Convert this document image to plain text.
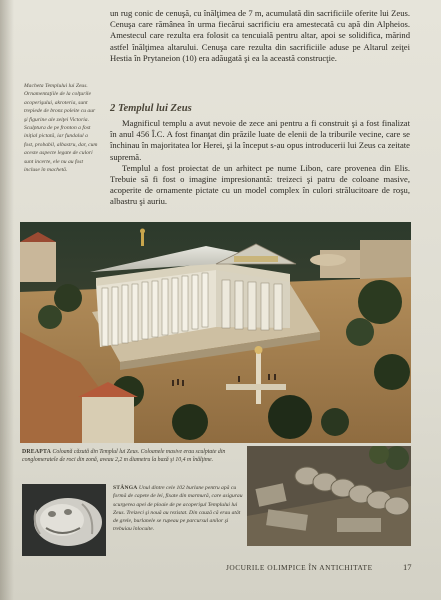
un rug conic de cenuşă, cu înălţimea de 7 m, acumulată din sacrificiile oferite lui Zeus. Cenuşa care rămânea în urma fiecărui sacrificiu era amestecată cu apă din Alpheios. Amestecul care rezulta era folosit ca tencuială pentru altar, apoi se solidifica, mărind astfel înălţimea altarului. Cenuşa care rezulta din sacrificiile aduse pe Altarul zeiţei Hestia în Prytaneion (10) era adăugată şi ea la această construcţie.

Macheta Templului lui Zeus. Ornamentaţiile de la colţurile acoperişului, akroteria, sunt trepiede de bronz poleite cu aur şi figurine ale zeiţei Victoria. Sculptura de pe fronton a fost inițial pictată, iar fundalul a fost, probabil, albastru, dar, cum aceste aspecte legate de culori sunt incerte, ele nu au fost incluse în machetă.

2 Templul lui Zeus

Magnificul templu a avut nevoie de zece ani pentru a fi construit şi a fost finalizat în anul 456 Î.C. A fost finanţat din prăzile luate de elenii de la triburile vecine, care se închinau în majoritatea lor Herei, şi la început s-au opus introducerii lui Zeus ca zeitate supremă.

Templul a fost proiectat de un arhitect pe nume Libon, care provenea din Elis. Trebuie să fi fost o imagine impresionantă: treizeci şi patru de coloane masive, acoperite de ornamente pictate cu un model complex în culori strălucitoare de roşu, albastru şi auriu.

DREAPTA Coloană căzută din Templul lui Zeus. Coloanele masive erau sculptate din conglomeratele de roci din zonă, aveau 2,2 m diametru la bază şi 10,4 m înălţime.

STÂNGA Unul dintre cele 102 burlane pentru apă cu formă de capete de lei, fixate din marmură, care asigurau scurgerea apei de ploaie de pe acoperişul Templului lui Zeus. Treizeci şi nouă au rezistat. Din cauză că erau atât de grele, burlanele se rupeau pe parcursul anilor şi trebuiau înlocuite.

JOCURILE OLIMPICE ÎN ANTICHITATE	17
